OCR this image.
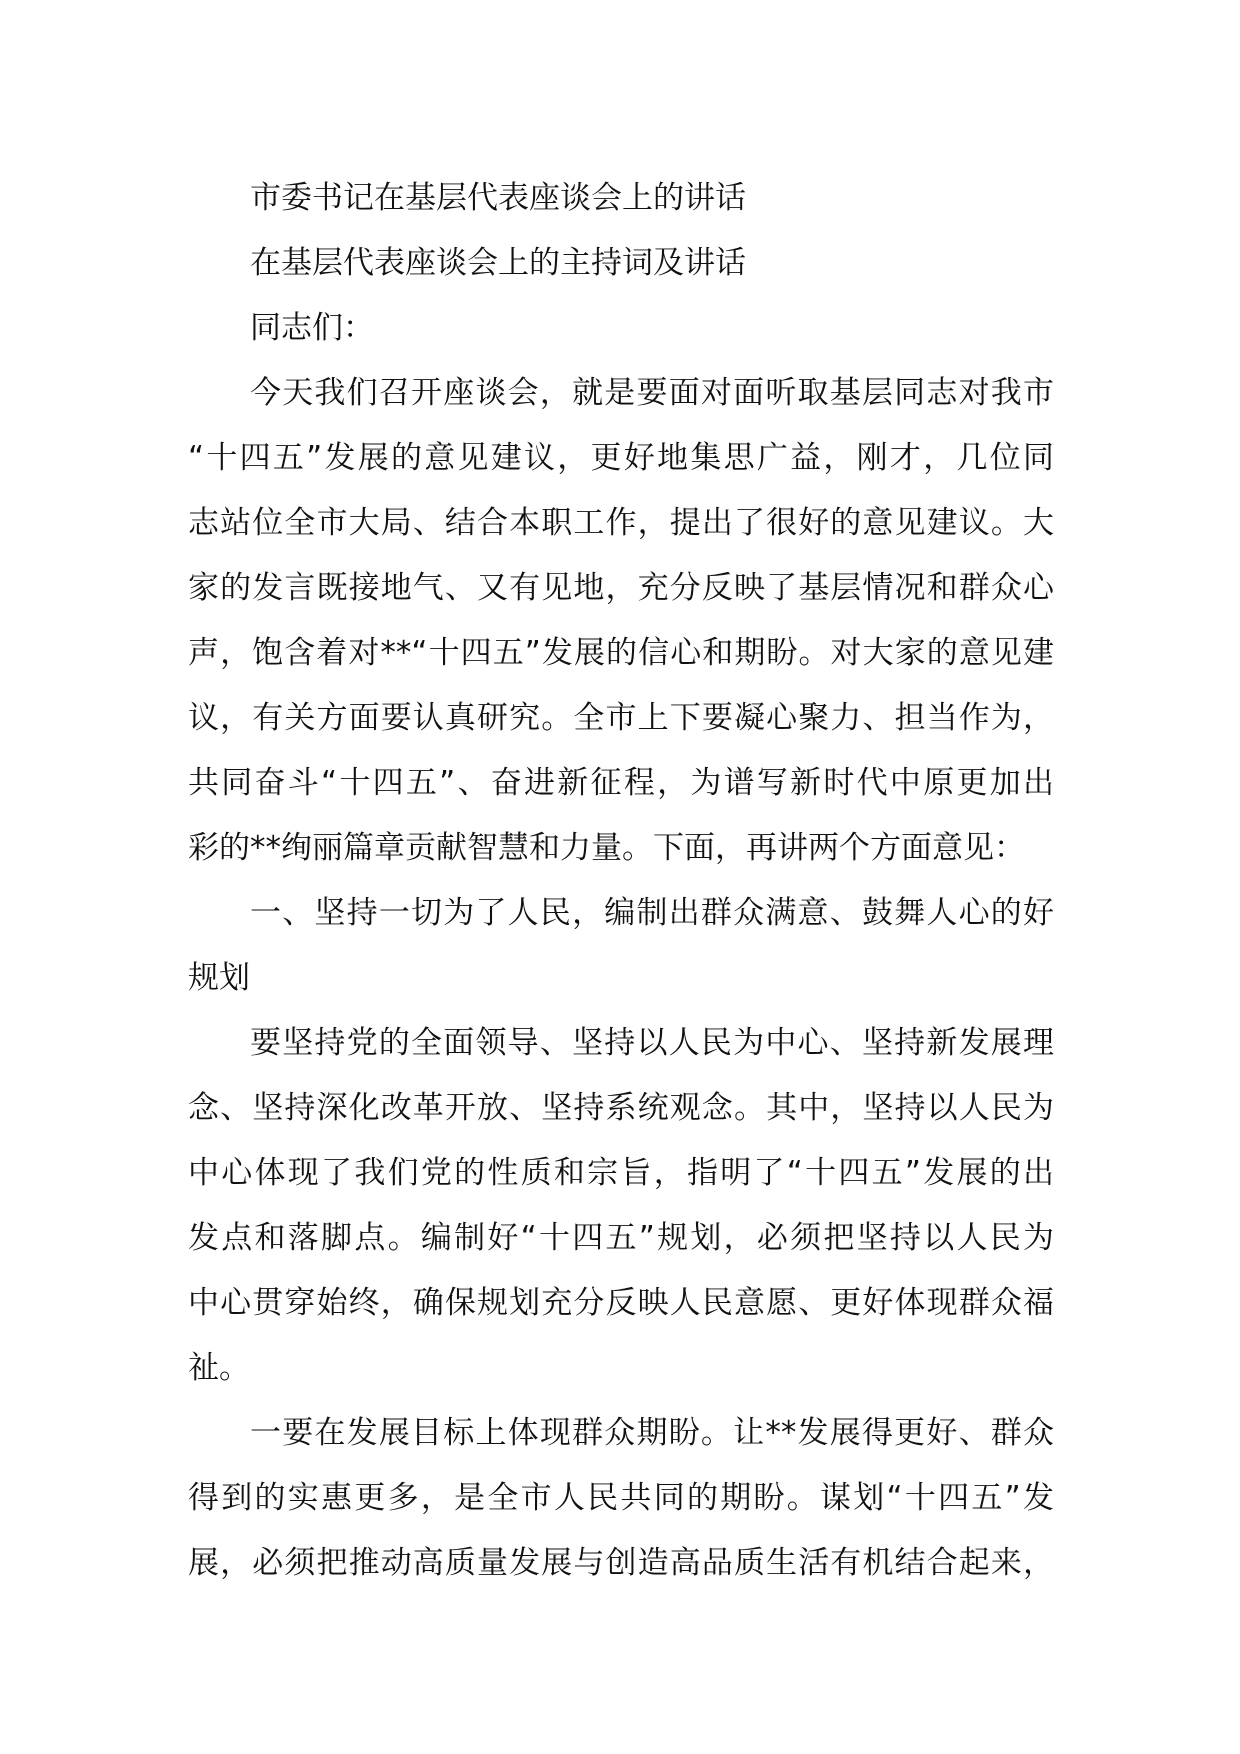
市委书记在基层代表座谈会上的讲话
在基层代表座谈会上的主持词及讲话
同志们：
今天我们召开座谈会，就是要面对面听取基层同志对我市
“十四五”发展的意见建议，更好地集思广益，刚才，几位同
志站位全市大局、结合本职工作，提出了很好的意见建议。大
家的发言既接地气、又有见地，充分反映了基层情况和群众心
声，饱含着对**“十四五”发展的信心和期盼。对大家的意见建
议，有关方面要认真研究。全市上下要凝心聚力、担当作为，
共同奋斗“十四五”、奋进新征程，为谱写新时代中原更加出
彩的**绚丽篇章贡献智慧和力量。下面，再讲两个方面意见：
一、坚持一切为了人民，编制出群众满意、鼓舞人心的好
规划
要坚持党的全面领导、坚持以人民为中心、坚持新发展理
念、坚持深化改革开放、坚持系统观念。其中，坚持以人民为
中心体现了我们党的性质和宗旨，指明了“十四五”发展的出
发点和落脚点。编制好“十四五”规划，必须把坚持以人民为
中心贯穿始终，确保规划充分反映人民意愿、更好体现群众福
祉。
一要在发展目标上体现群众期盼。让**发展得更好、群众
得到的实惠更多，是全市人民共同的期盼。谋划“十四五”发
展，必须把推动高质量发展与创造高品质生活有机结合起来，
